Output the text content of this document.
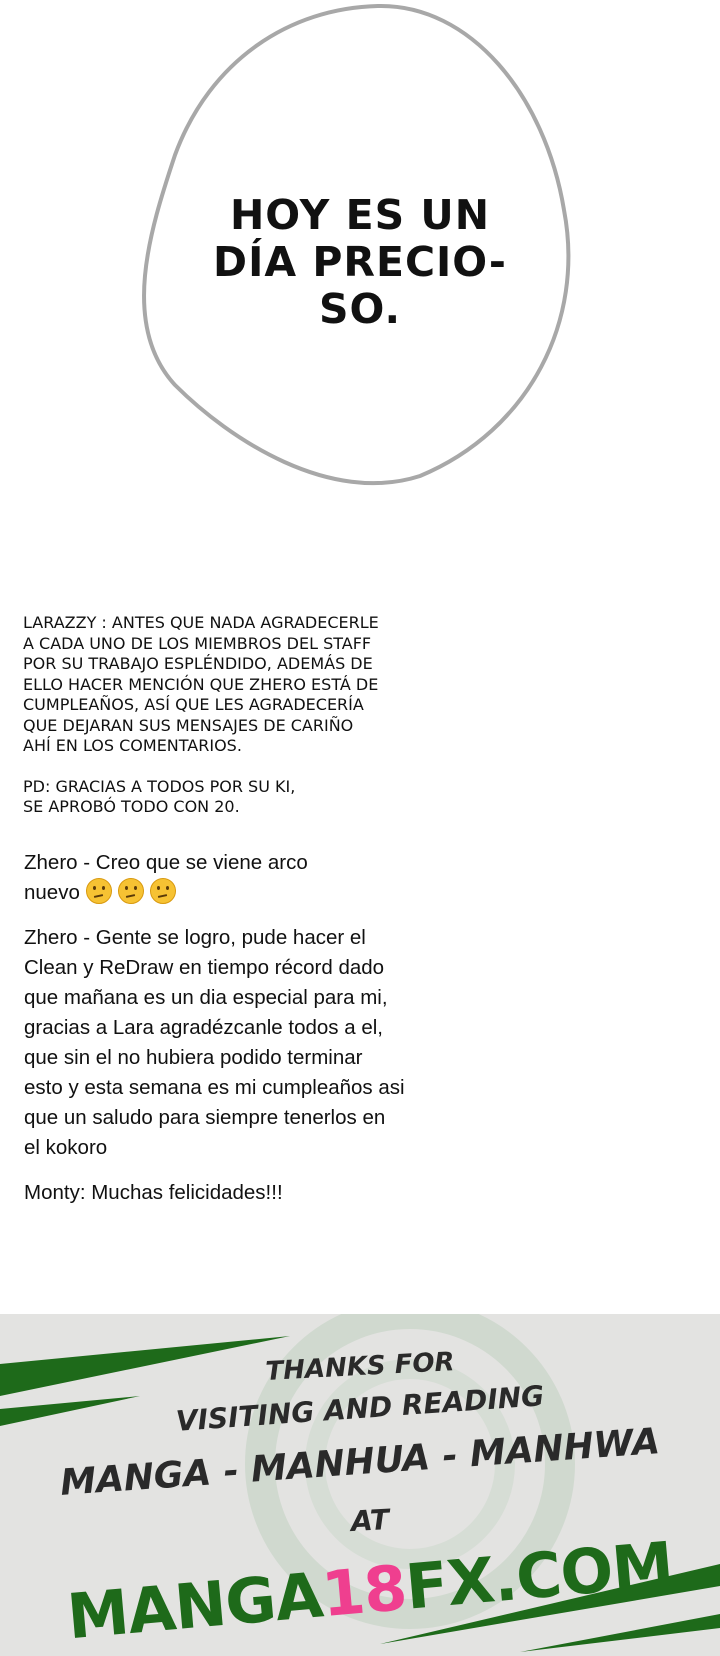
HOY ES UN
DÍA PRECIO-
SO.

LARAZZY : ANTES QUE NADA AGRADECERLE

A CADA UNO DE LOS MIEMBROS DEL STAFF

POR SU TRABAJO ESPLÉNDIDO, ADEMÁS DE

ELLO HACER MENCIÓN QUE ZHERO ESTÁ DE

CUMPLEAÑOS, ASÍ QUE LES AGRADECERÍA

QUE DEJARAN SUS MENSAJES DE CARIÑO

AHÍ EN LOS COMENTARIOS.

PD: GRACIAS A TODOS POR SU KI,

SE APROBÓ TODO CON 20.

Zhero - Creo que se viene arco
nuevo

Zhero - Gente se logro, pude hacer el
Clean y ReDraw en tiempo récord dado
que mañana es un dia especial para mi,
gracias a Lara agradézcanle todos a el,
que sin el no hubiera podido terminar
esto y esta semana es mi cumpleaños asi
que un saludo para siempre tenerlos en
el kokoro

Monty: Muchas felicidades!!!

THANKS FOR

VISITING AND READING

MANGA - MANHUA - MANHWA

AT

MANGA18FX.COM
